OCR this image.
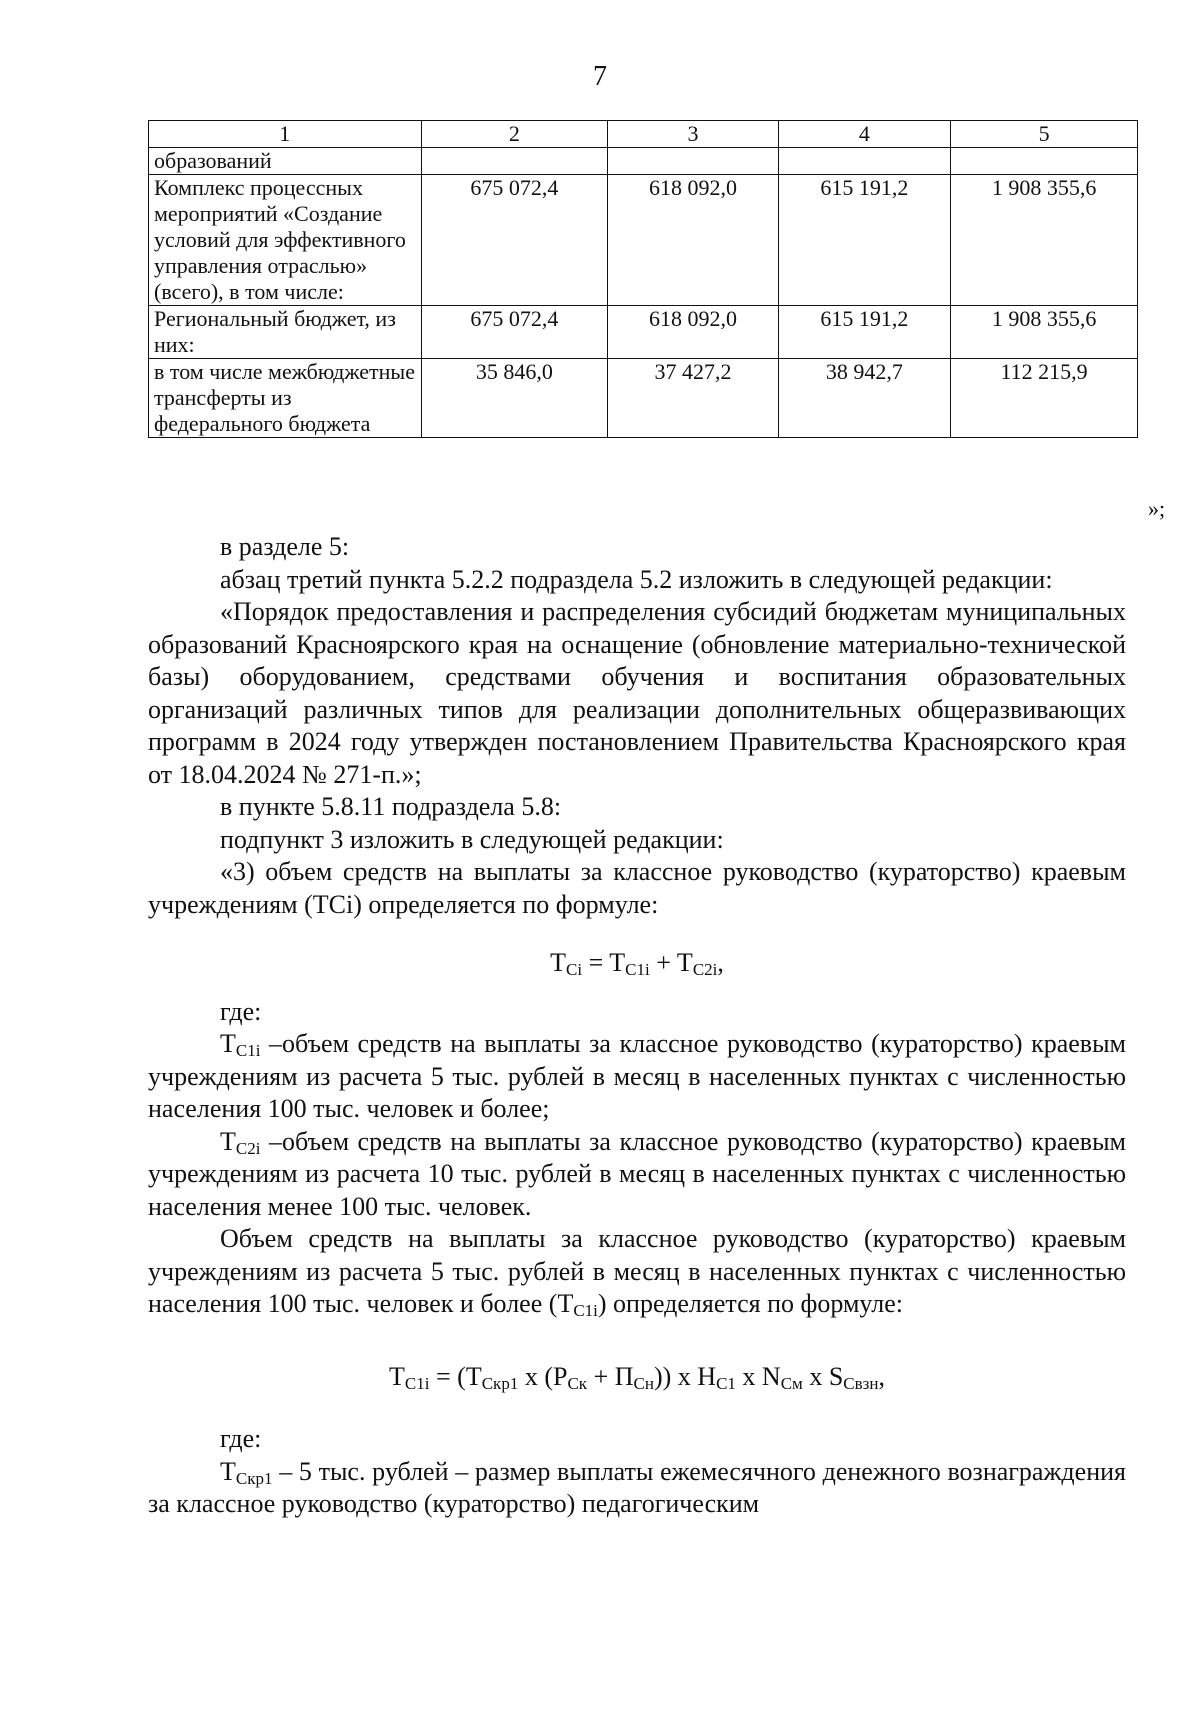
7
1	2	3	4	5
образований				
Комплекс процессных мероприятий «Создание условий для эффективного управления отраслью» (всего), в том числе:	675 072,4	618 092,0	615 191,2	1 908 355,6
Региональный бюджет, из них:	675 072,4	618 092,0	615 191,2	1 908 355,6
в том числе межбюджетные трансферты из федерального бюджета	35 846,0	37 427,2	38 942,7	112 215,9
»;

в разделе 5:

абзац третий пункта 5.2.2 подраздела 5.2 изложить в следующей редакции:

«Порядок предоставления и распределения субсидий бюджетам муниципальных образований Красноярского края на оснащение (обновление материально-технической базы) оборудованием, средствами обучения и воспитания образовательных организаций различных типов для реализации дополнительных общеразвивающих программ в 2024 году утвержден постановлением Правительства Красноярского края от 18.04.2024 № 271-п.»;

в пункте 5.8.11 подраздела 5.8:

подпункт 3 изложить в следующей редакции:

«3) объем средств на выплаты за классное руководство (кураторство) краевым учреждениям (TCi) определяется по формуле:

$T_{Ci} = T_{C1i} + T_{C2i}$,

где:

$T_{C1i}$ –объем средств на выплаты за классное руководство (кураторство) краевым учреждениям из расчета 5 тыс. рублей в месяц в населенных пунктах с численностью населения 100 тыс. человек и более;

$T_{C2i}$ –объем средств на выплаты за классное руководство (кураторство) краевым учреждениям из расчета 10 тыс. рублей в месяц в населенных пунктах с численностью населения менее 100 тыс. человек.

Объем средств на выплаты за классное руководство (кураторство) краевым учреждениям из расчета 5 тыс. рублей в месяц в населенных пунктах с численностью населения 100 тыс. человек и более $(T_{C1i})$ определяется по формуле:

$T_{C1i} = (T_{Cкр1}$ x $(Р_{Cк} + П_{Cн})$) x $Н_{C1}$ x $N_{Cм}$ x $S_{Cвзн}$,

где:

$T_{Cкр1} - 5$ тыс. рублей – размер выплаты ежемесячного денежного вознаграждения за классное руководство (кураторство) педагогическим
